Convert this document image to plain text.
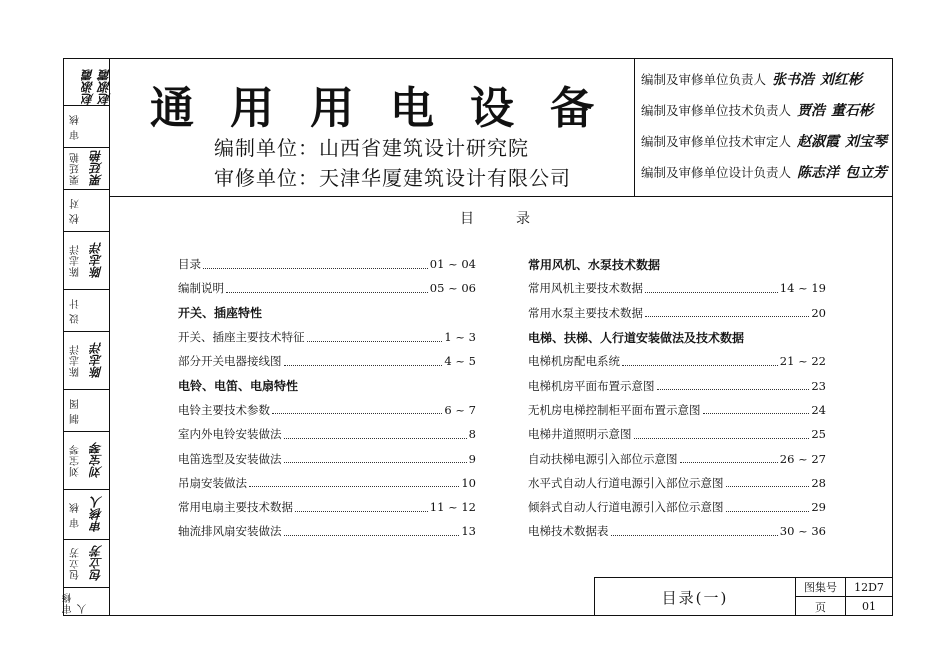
赵淑霞 赵淑霞
审 核
栗廷艳 栗廷艳
校 对
陈志洋 陈志洋
设 计
陈志洋 陈志洋
制 图
刘宝琴 刘宝琴
审 核 审核人
包立芳 包立芳
审修人
通用用电设备
编制单位：山西省建筑设计研究院
审修单位：天津华厦建筑设计有限公司
编制及审修单位负责人 张书浩 刘红彬
编制及审修单位技术负责人 贾浩 董石彬
编制及审修单位技术审定人 赵淑霞 刘宝琴
编制及审修单位设计负责人 陈志洋 包立芳
目　　　录
目录	01 ~ 04
编制说明	05 ~ 06
开关、插座特性
开关、插座主要技术特征	1 ~ 3
部分开关电器接线图	4 ~ 5
电铃、电笛、电扇特性
电铃主要技术参数	6 ~ 7
室内外电铃安装做法	8
电笛选型及安装做法	9
吊扇安装做法	10
常用电扇主要技术数据	11 ~ 12
轴流排风扇安装做法	13
常用风机、水泵技术数据
常用风机主要技术数据	14 ~ 19
常用水泵主要技术数据	20
电梯、扶梯、人行道安装做法及技术数据
电梯机房配电系统	21 ~ 22
电梯机房平面布置示意图	23
无机房电梯控制柜平面布置示意图	24
电梯井道照明示意图	25
自动扶梯电源引入部位示意图	26 ~ 27
水平式自动人行道电源引入部位示意图	28
倾斜式自动人行道电源引入部位示意图	29
电梯技术数据表	30 ~ 36
目录(一)
图集号	12D7
页	01
